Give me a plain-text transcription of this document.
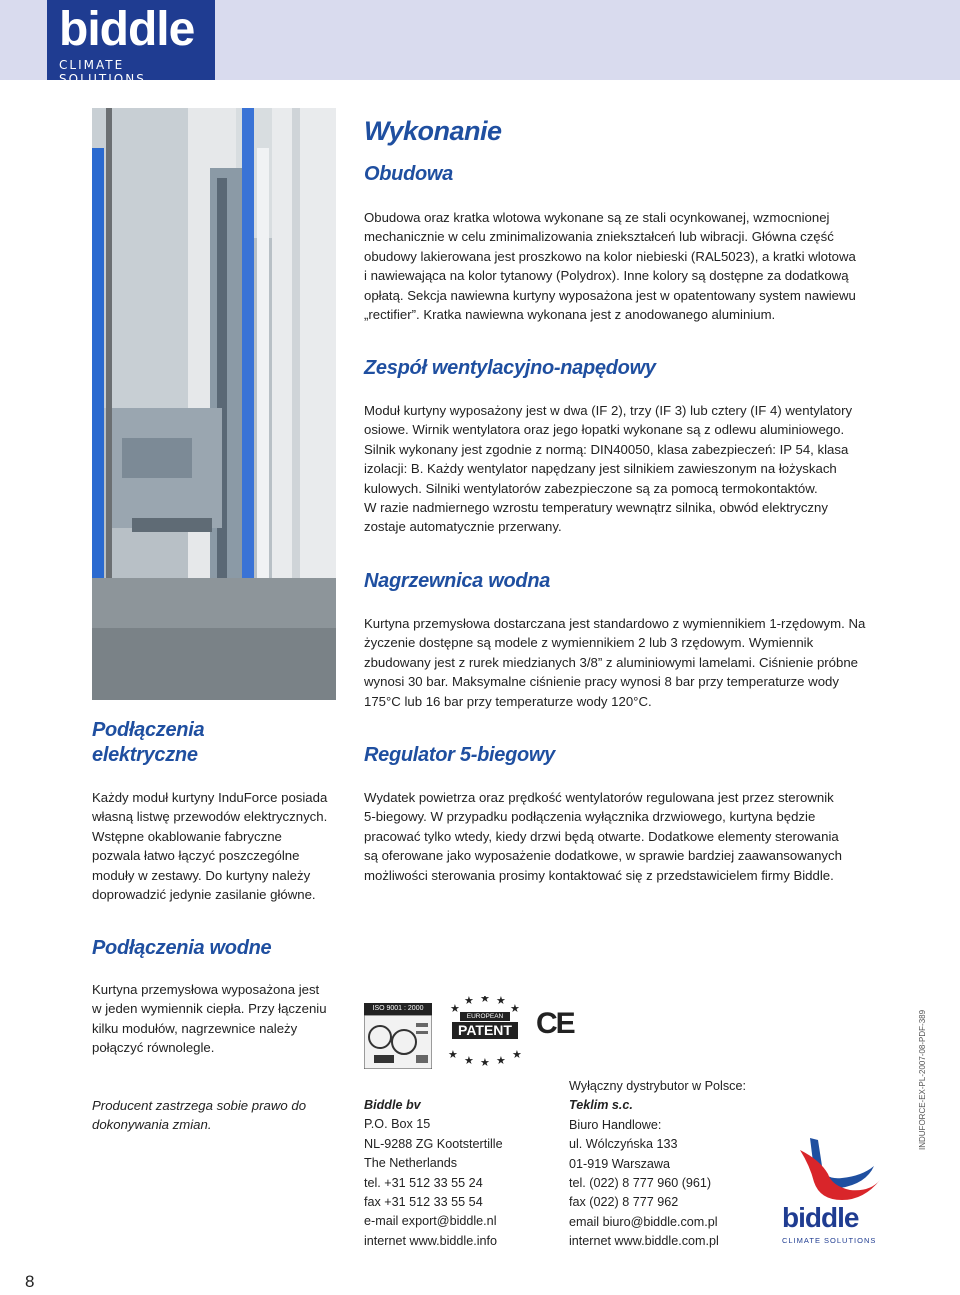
biddle
CLIMATE SOLUTIONS
Wykonanie
Obudowa
Obudowa oraz kratka wlotowa wykonane są ze stali ocynkowanej, wzmocnionej
mechanicznie w celu zminimalizowania zniekształceń lub wibracji. Główna część
obudowy lakierowana jest proszkowo na kolor niebieski (RAL5023), a kratki wlotowa
i nawiewająca na kolor tytanowy (Polydrox). Inne kolory są dostępne za dodatkową
opłatą. Sekcja nawiewna kurtyny wyposażona jest w opatentowany system nawiewu
„rectifier”. Kratka nawiewna wykonana jest z anodowanego aluminium.
Zespół wentylacyjno-napędowy
Moduł kurtyny wyposażony jest w dwa (IF 2), trzy (IF 3) lub cztery (IF 4) wentylatory
osiowe. Wirnik wentylatora oraz jego łopatki wykonane są z odlewu aluminiowego.
Silnik wykonany jest zgodnie z normą: DIN40050, klasa zabezpieczeń: IP 54, klasa
izolacji: B. Każdy wentylator napędzany jest silnikiem zawieszonym na łożyskach
kulowych. Silniki wentylatorów zabezpieczone są za pomocą termokontaktów.
W razie nadmiernego wzrostu temperatury wewnątrz silnika, obwód elektryczny
zostaje automatycznie przerwany.
Nagrzewnica wodna
Kurtyna przemysłowa dostarczana jest standardowo z wymiennikiem 1-rzędowym. Na
życzenie dostępne są modele z wymiennikiem 2 lub 3 rzędowym. Wymiennik
zbudowany jest z rurek miedzianych 3/8” z aluminiowymi lamelami. Ciśnienie próbne
wynosi 30 bar. Maksymalne ciśnienie pracy wynosi 8 bar przy temperaturze wody
175°C lub 16 bar przy temperaturze wody 120°C.
Regulator 5-biegowy
Wydatek powietrza oraz prędkość wentylatorów regulowana jest przez sterownik
5-biegowy. W przypadku podłączenia wyłącznika drzwiowego, kurtyna będzie
pracować tylko wtedy, kiedy drzwi będą otwarte. Dodatkowe elementy sterowania
są oferowane jako wyposażenie dodatkowe, w sprawie bardziej zaawansowanych
możliwości sterowania prosimy kontaktować się z przedstawicielem firmy Biddle.
Podłączenia
elektryczne
Każdy moduł kurtyny InduForce posiada
własną listwę przewodów elektrycznych.
Wstępne okablowanie fabryczne
pozwala łatwo łączyć poszczególne
moduły w zestawy. Do kurtyny należy
doprowadzić jedynie zasilanie główne.
Podłączenia wodne
Kurtyna przemysłowa wyposażona jest
w jeden wymiennik ciepła. Przy łączeniu
kilku modułów, nagrzewnice należy
połączyć równolegle.
Producent zastrzega sobie prawo do
dokonywania zmian.
ISO 9001 : 2000	★
★ ★ ★
★
★ ★ ★ ★ ★
EUROPEAN
PATENT CE
Biddle bv
P.O. Box 15
NL-9288 ZG Kootstertille
The Netherlands
tel. +31 512 33 55 24
fax +31 512 33 55 54
e-mail export@biddle.nl
internet www.biddle.info
Wyłączny dystrybutor w Polsce:
Teklim s.c.
Biuro Handlowe:
ul. Wólczyńska 133
01-919 Warszawa
tel. (022) 8 777 960 (961)
fax (022) 8 777 962
email biuro@biddle.com.pl
internet www.biddle.com.pl
biddle
CLIMATE SOLUTIONS
INDUFORCE-EX-PL-2007-08-PDF-389
8
